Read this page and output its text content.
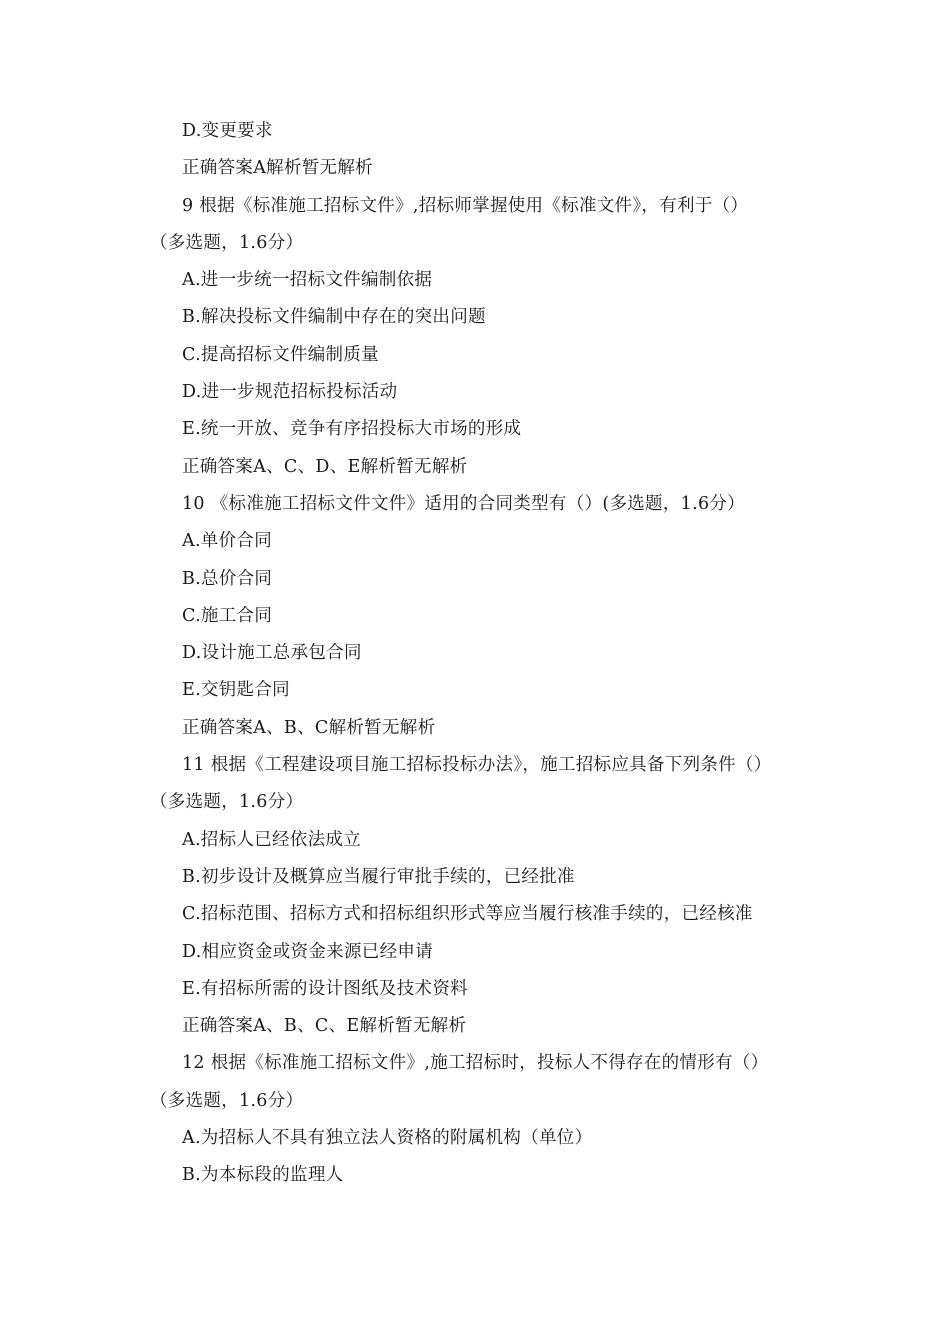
D.变更要求
正确答案A解析暂无解析
9 根据《标准施工招标文件》,招标师掌握使用《标准文件》，有利于（）
（多选题，1.6分）
A.进一步统一招标文件编制依据
B.解决投标文件编制中存在的突出问题
C.提高招标文件编制质量
D.进一步规范招标投标活动
E.统一开放、竞争有序招投标大市场的形成
正确答案A、C、D、E解析暂无解析
10 《标准施工招标文件文件》适用的合同类型有（）(多选题，1.6分）
A.单价合同
B.总价合同
C.施工合同
D.设计施工总承包合同
E.交钥匙合同
正确答案A、B、C解析暂无解析
11 根据《工程建设项目施工招标投标办法》，施工招标应具备下列条件（）
（多选题，1.6分）
A.招标人已经依法成立
B.初步设计及概算应当履行审批手续的，已经批准
C.招标范围、招标方式和招标组织形式等应当履行核准手续的，已经核准
D.相应资金或资金来源已经申请
E.有招标所需的设计图纸及技术资料
正确答案A、B、C、E解析暂无解析
12 根据《标准施工招标文件》,施工招标时，投标人不得存在的情形有（）
（多选题，1.6分）
A.为招标人不具有独立法人资格的附属机构（单位）
B.为本标段的监理人
